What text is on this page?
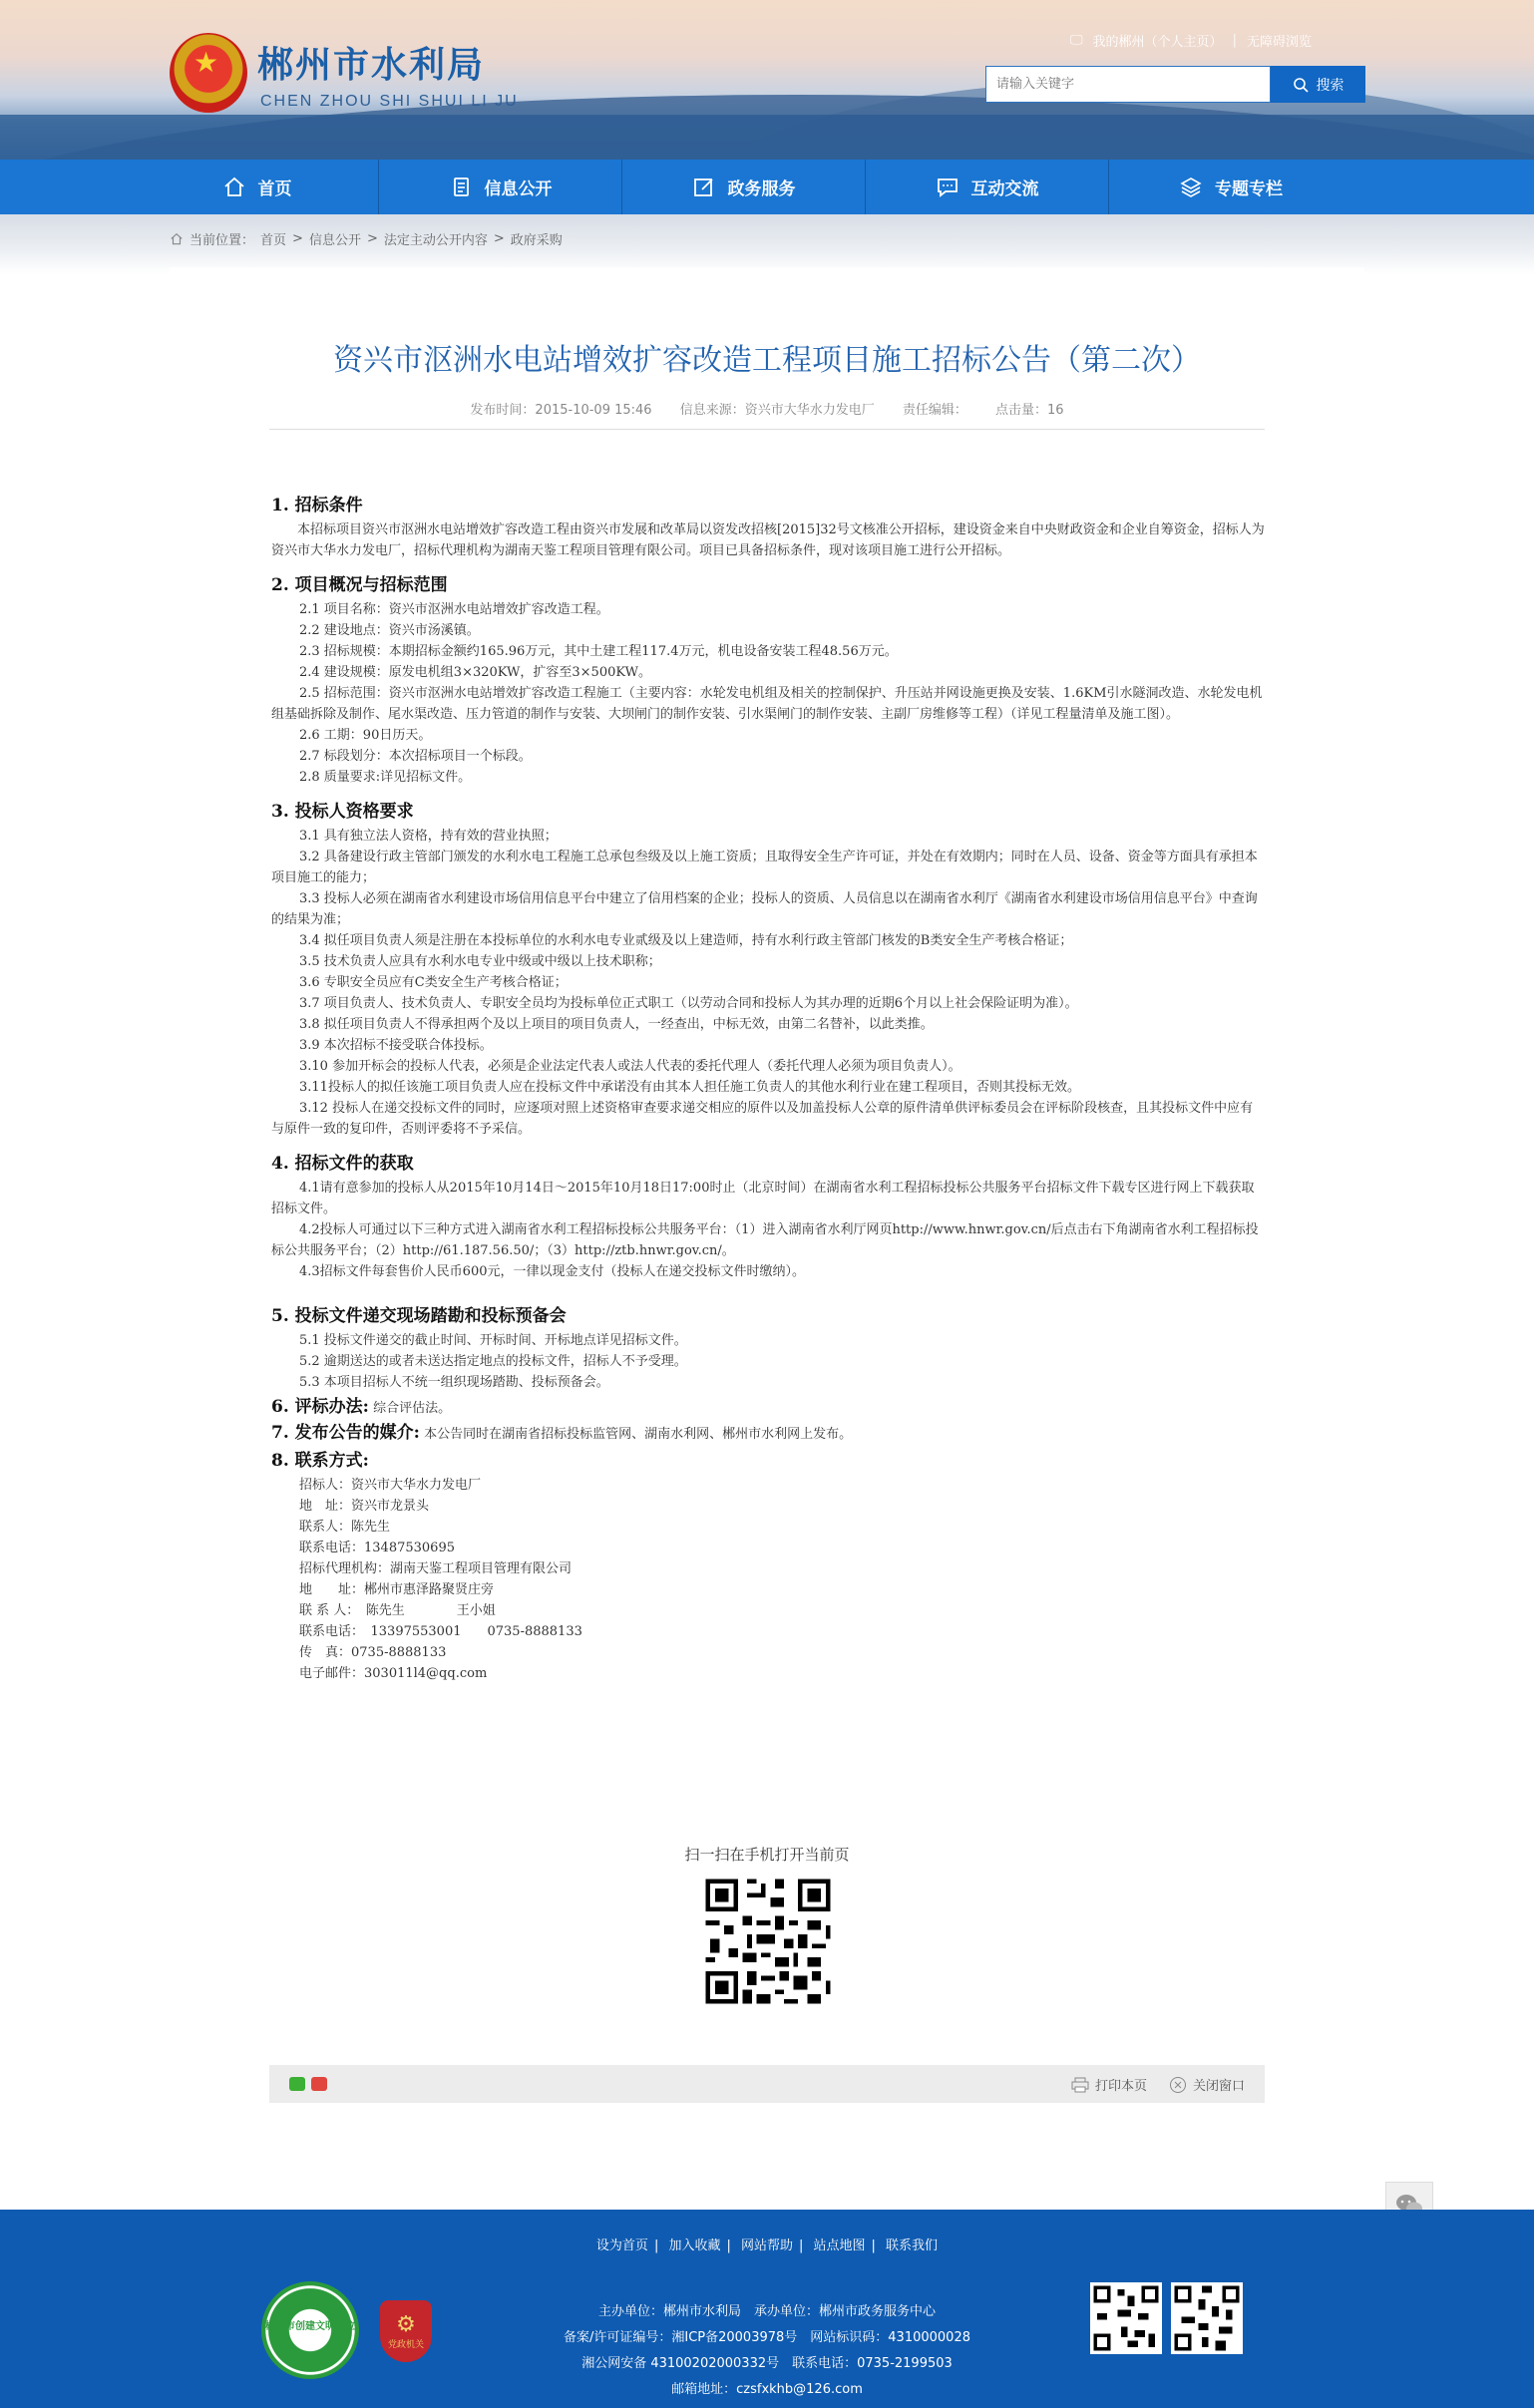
★ 郴州市水利局
CHEN ZHOU SHI SHUI LI JU
🖵 我的郴州（个人主页） | 无障碍浏览
请输入关键字
搜索
首页	信息公开	政务服务	互动交流	专题专栏
当前位置： 首页 > 信息公开 > 法定主动公开内容 > 政府采购
资兴市沤洲水电站增效扩容改造工程项目施工招标公告（第二次）
发布时间：2015-10-09 15:46 信息来源：资兴市大华水力发电厂 责任编辑： 点击量：16
1. 招标条件

本招标项目资兴市沤洲水电站增效扩容改造工程由资兴市发展和改革局以资发改招核[2015]32号文核准公开招标，建设资金来自中央财政资金和企业自筹资金，招标人为资兴市大华水力发电厂，招标代理机构为湖南天鉴工程项目管理有限公司。项目已具备招标条件，现对该项目施工进行公开招标。

2. 项目概况与招标范围

2.1 项目名称：资兴市沤洲水电站增效扩容改造工程。

2.2 建设地点：资兴市汤溪镇。

2.3 招标规模：本期招标金额约165.96万元，其中土建工程117.4万元，机电设备安装工程48.56万元。

2.4 建设规模：原发电机组3×320KW，扩容至3×500KW。

2.5 招标范围：资兴市沤洲水电站增效扩容改造工程施工（主要内容：水轮发电机组及相关的控制保护、升压站并网设施更换及安装、1.6KM引水隧洞改造、水轮发电机组基础拆除及制作、尾水渠改造、压力管道的制作与安装、大坝闸门的制作安装、引水渠闸门的制作安装、主副厂房维修等工程）（详见工程量清单及施工图）。

2.6 工期：90日历天。

2.7 标段划分：本次招标项目一个标段。

2.8 质量要求:详见招标文件。

3. 投标人资格要求

3.1 具有独立法人资格，持有效的营业执照；

3.2 具备建设行政主管部门颁发的水利水电工程施工总承包叁级及以上施工资质；且取得安全生产许可证，并处在有效期内；同时在人员、设备、资金等方面具有承担本项目施工的能力；

3.3 投标人必须在湖南省水利建设市场信用信息平台中建立了信用档案的企业；投标人的资质、人员信息以在湖南省水利厅《湖南省水利建设市场信用信息平台》中查询的结果为准；

3.4 拟任项目负责人须是注册在本投标单位的水利水电专业贰级及以上建造师，持有水利行政主管部门核发的B类安全生产考核合格证；

3.5 技术负责人应具有水利水电专业中级或中级以上技术职称；

3.6 专职安全员应有C类安全生产考核合格证；

3.7 项目负责人、技术负责人、专职安全员均为投标单位正式职工（以劳动合同和投标人为其办理的近期6个月以上社会保险证明为准）。

3.8 拟任项目负责人不得承担两个及以上项目的项目负责人，一经查出，中标无效，由第二名替补，以此类推。

3.9 本次招标不接受联合体投标。

3.10 参加开标会的投标人代表，必须是企业法定代表人或法人代表的委托代理人（委托代理人必须为项目负责人）。

3.11投标人的拟任该施工项目负责人应在投标文件中承诺没有由其本人担任施工负责人的其他水利行业在建工程项目，否则其投标无效。

3.12 投标人在递交投标文件的同时，应逐项对照上述资格审查要求递交相应的原件以及加盖投标人公章的原件清单供评标委员会在评标阶段核查，且其投标文件中应有与原件一致的复印件，否则评委将不予采信。

4. 招标文件的获取

4.1请有意参加的投标人从2015年10月14日～2015年10月18日17:00时止（北京时间）在湖南省水利工程招标投标公共服务平台招标文件下载专区进行网上下载获取招标文件。

4.2投标人可通过以下三种方式进入湖南省水利工程招标投标公共服务平台：（1）进入湖南省水利厅网页http://www.hnwr.gov.cn/后点击右下角湖南省水利工程招标投标公共服务平台；（2）http://61.187.56.50/；（3）http://ztb.hnwr.gov.cn/。

4.3招标文件每套售价人民币600元，一律以现金支付（投标人在递交投标文件时缴纳）。

5. 投标文件递交现场踏勘和投标预备会

5.1 投标文件递交的截止时间、开标时间、开标地点详见招标文件。

5.2 逾期送达的或者未送达指定地点的投标文件，招标人不予受理。

5.3 本项目招标人不统一组织现场踏勘、投标预备会。

6. 评标办法: 综合评估法。
7. 发布公告的媒介: 本公告同时在湖南省招标投标监管网、湖南水利网、郴州市水利网上发布。
8. 联系方式:

招标人：资兴市大华水力发电厂

地　址：资兴市龙景头

联系人：陈先生

联系电话：13487530695

招标代理机构：湖南天鉴工程项目管理有限公司

地　　址：郴州市惠泽路聚贤庄旁

联 系 人：　陈先生　　　　王小姐

联系电话：　13397553001　　0735-8888133

传　真：0735-8888133

电子邮件：303011l4@qq.com

扫一扫在手机打开当前页
打印本页	关闭窗口
设为首页 | 加入收藏 | 网站帮助 | 站点地图 | 联系我们
郴州市创建文明单位 ⚙
党政机关
主办单位：郴州市水利局　承办单位：郴州市政务服务中心
备案/许可证编号：湘ICP备20003978号　网站标识码：4310000028
湘公网安备 43100202000332号　联系电话：0735-2199503
邮箱地址：czsfxkhb@126.com
